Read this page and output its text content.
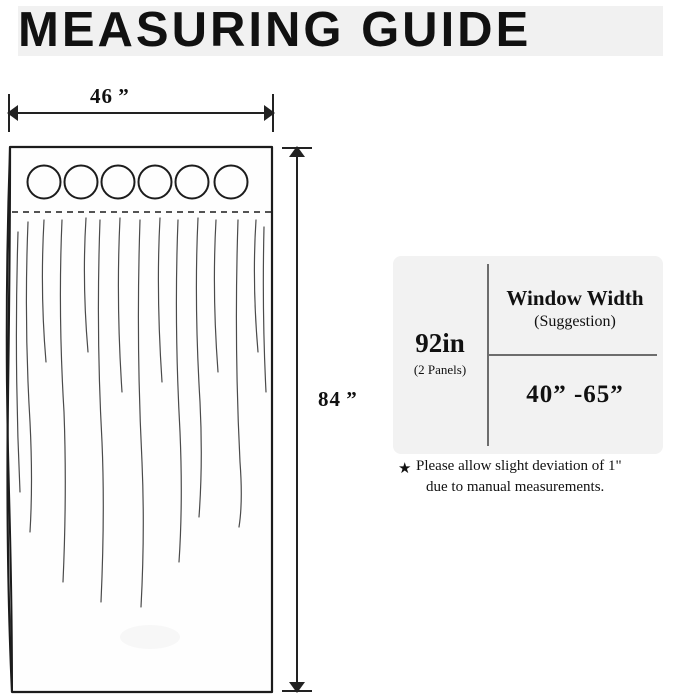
MEASURING GUIDE
46 ”
84 ”
92in
(2 Panels)
Window Width
(Suggestion)
40” -65”
★ Please allow slight deviation of 1"
due to manual measurements.
